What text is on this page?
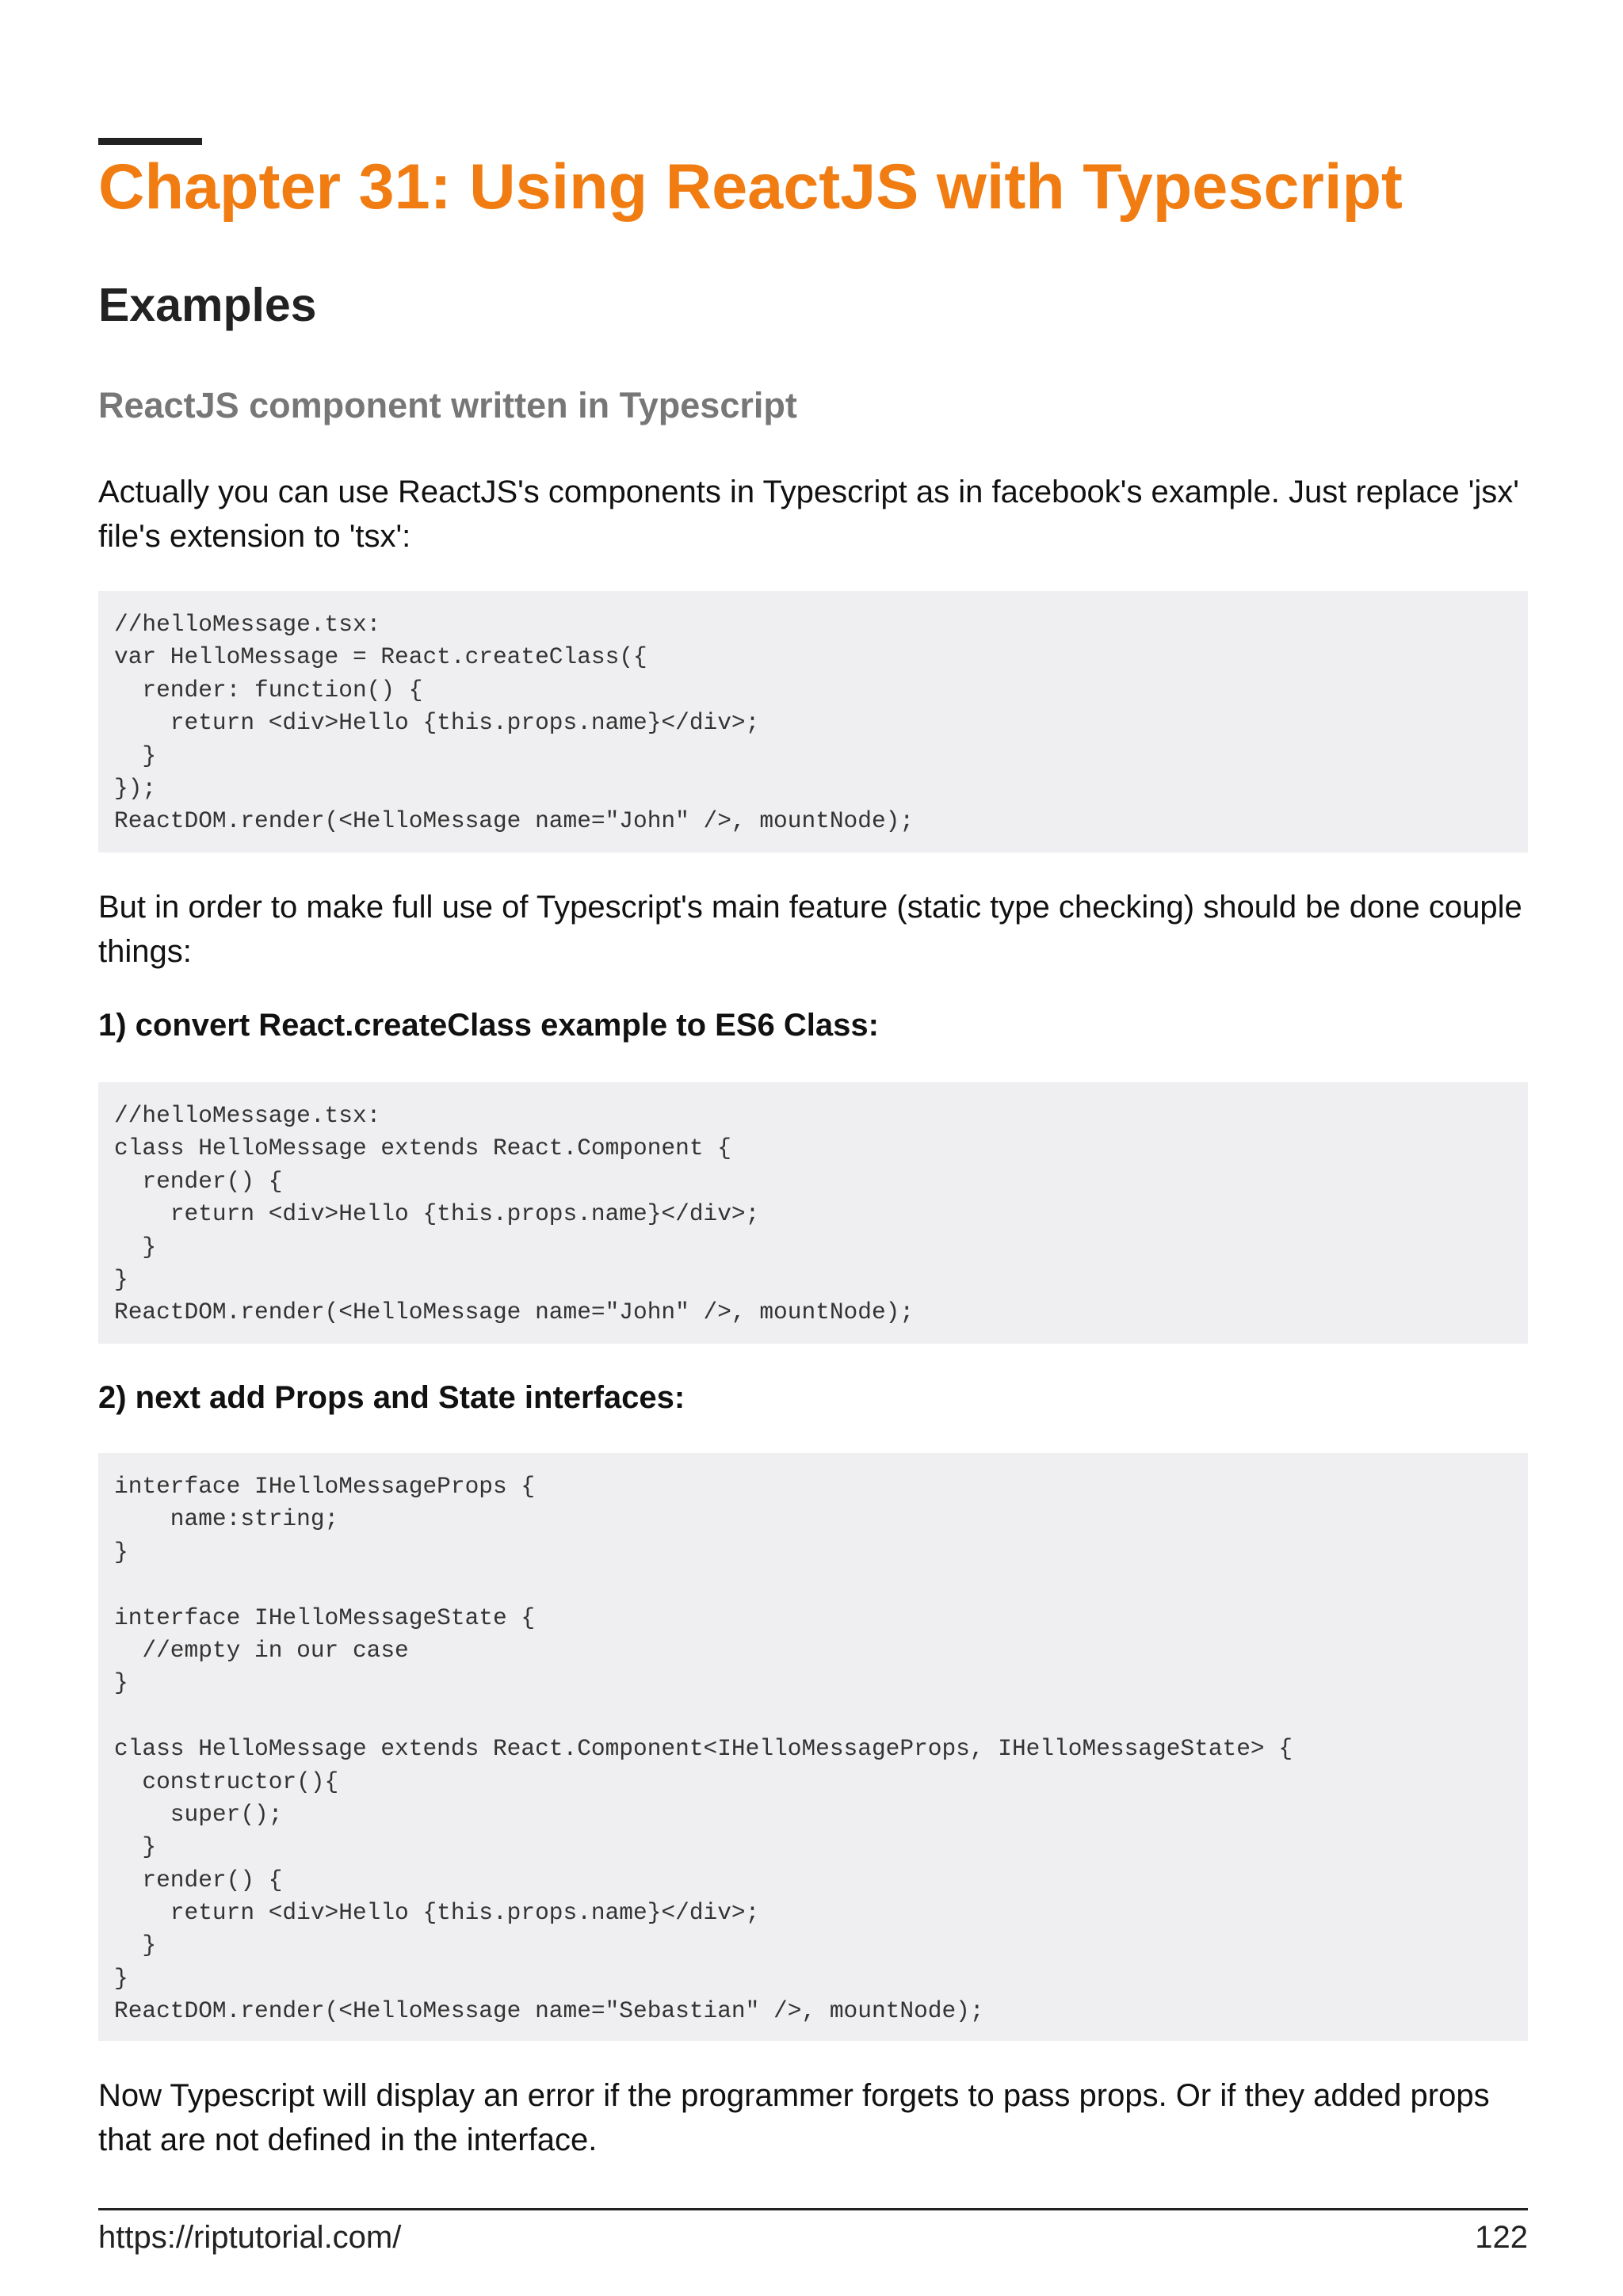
Chapter 31: Using ReactJS with Typescript
Examples
ReactJS component written in Typescript

Actually you can use ReactJS's components in Typescript as in facebook's example. Just replace 'jsx' file's extension to 'tsx':

//helloMessage.tsx:
var HelloMessage = React.createClass({
render: function() {
return <div>Hello {this.props.name}</div>;
}
});
ReactDOM.render(<HelloMessage name="John" />, mountNode);

But in order to make full use of Typescript's main feature (static type checking) should be done couple things:

1) convert React.createClass example to ES6 Class:

//helloMessage.tsx:
class HelloMessage extends React.Component {
render() {
return <div>Hello {this.props.name}</div>;
}
}
ReactDOM.render(<HelloMessage name="John" />, mountNode);

2) next add Props and State interfaces:

interface IHelloMessageProps {
name:string;
}
interface IHelloMessageState {
//empty in our case
}
class HelloMessage extends React.Component<IHelloMessageProps, IHelloMessageState> {
constructor(){
super();
}
render() {
return <div>Hello {this.props.name}</div>;
}
}
ReactDOM.render(<HelloMessage name="Sebastian" />, mountNode);

Now Typescript will display an error if the programmer forgets to pass props. Or if they added props that are not defined in the interface.

https://riptutorial.com/	122
